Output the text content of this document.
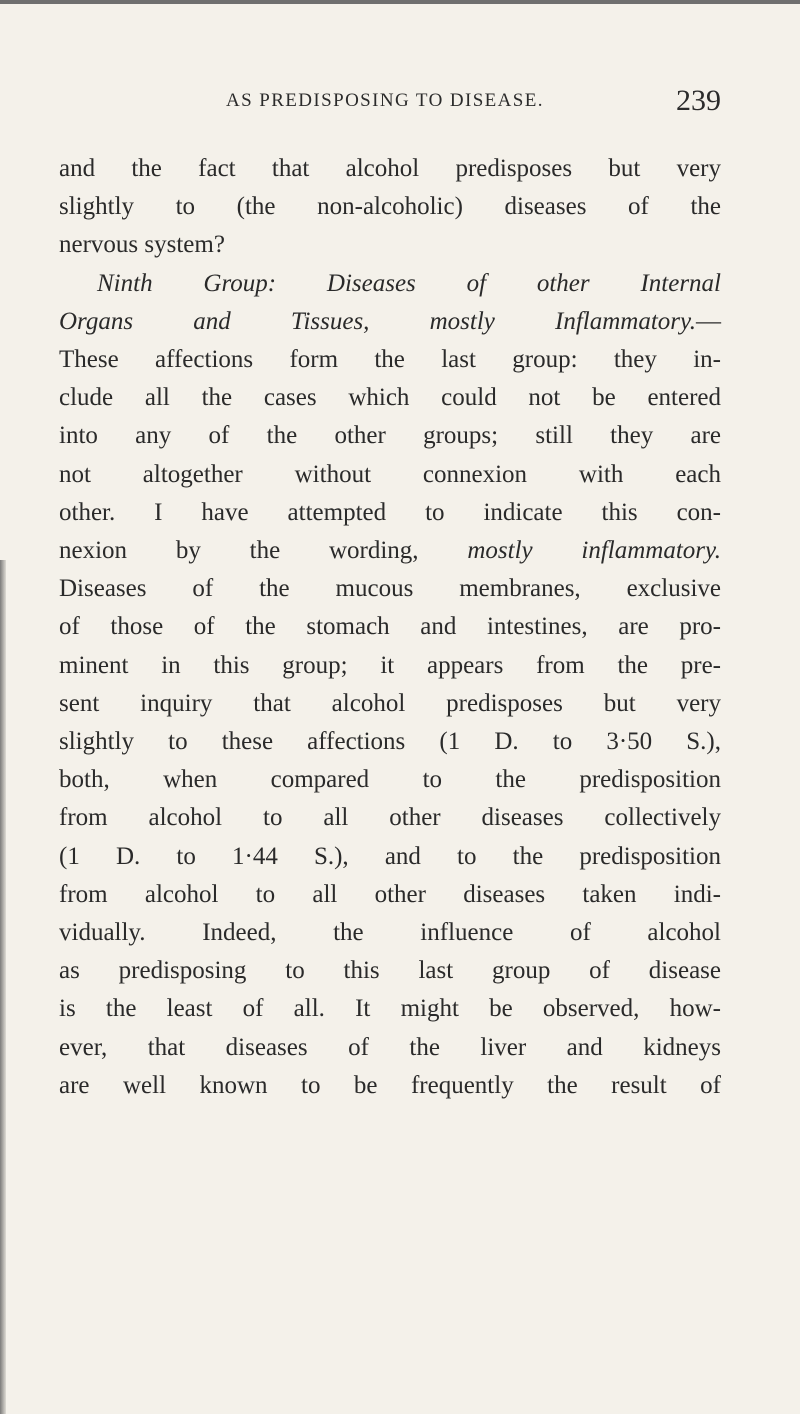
AS PREDISPOSING TO DISEASE.	239
and the fact that alcohol predisposes but very
slightly to (the non-alcoholic) diseases of the
nervous system?
Ninth Group: Diseases of other Internal
Organs and Tissues, mostly Inflammatory.—
These affections form the last group: they in-
clude all the cases which could not be entered
into any of the other groups; still they are
not altogether without connexion with each
other. I have attempted to indicate this con-
nexion by the wording, mostly inflammatory.
Diseases of the mucous membranes, exclusive
of those of the stomach and intestines, are pro-
minent in this group; it appears from the pre-
sent inquiry that alcohol predisposes but very
slightly to these affections (1 D. to 3·50 S.),
both, when compared to the predisposition
from alcohol to all other diseases collectively
(1 D. to 1·44 S.), and to the predisposition
from alcohol to all other diseases taken indi-
vidually. Indeed, the influence of alcohol
as predisposing to this last group of disease
is the least of all. It might be observed, how-
ever, that diseases of the liver and kidneys
are well known to be frequently the result of
